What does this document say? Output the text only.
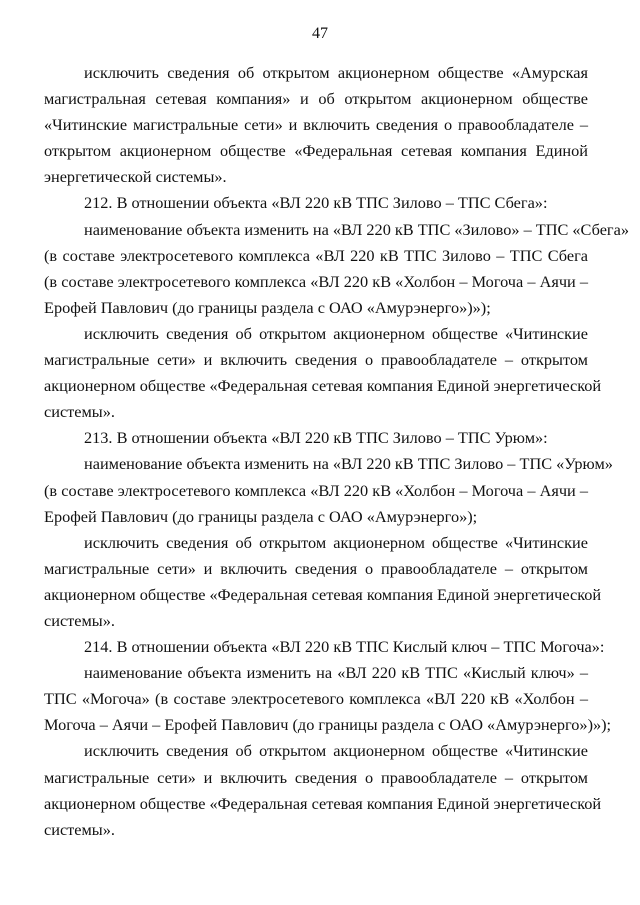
47

исключить сведения об открытом акционерном обществе «Амурская
магистральная сетевая компания» и об открытом акционерном обществе
«Читинские магистральные сети» и включить сведения о правообладателе –
открытом акционерном обществе «Федеральная сетевая компания Единой
энергетической системы».

212. В отношении объекта «ВЛ 220 кВ ТПС Зилово – ТПС Сбега»:

наименование объекта изменить на «ВЛ 220 кВ ТПС «Зилово» – ТПС «Сбега»
(в составе электросетевого комплекса «ВЛ 220 кВ ТПС Зилово – ТПС Сбега
(в составе электросетевого комплекса «ВЛ 220 кВ «Холбон – Могоча – Аячи –
Ерофей Павлович (до границы раздела с ОАО «Амурэнерго»)»);

исключить сведения об открытом акционерном обществе «Читинские
магистральные сети» и включить сведения о правообладателе – открытом
акционерном обществе «Федеральная сетевая компания Единой энергетической
системы».

213. В отношении объекта «ВЛ 220 кВ ТПС Зилово – ТПС Урюм»:

наименование объекта изменить на «ВЛ 220 кВ ТПС Зилово – ТПС «Урюм»
(в составе электросетевого комплекса «ВЛ 220 кВ «Холбон – Могоча – Аячи –
Ерофей Павлович (до границы раздела с ОАО «Амурэнерго»);

исключить сведения об открытом акционерном обществе «Читинские
магистральные сети» и включить сведения о правообладателе – открытом
акционерном обществе «Федеральная сетевая компания Единой энергетической
системы».

214. В отношении объекта «ВЛ 220 кВ ТПС Кислый ключ – ТПС Могоча»:

наименование объекта изменить на «ВЛ 220 кВ ТПС «Кислый ключ» –
ТПС «Могоча» (в составе электросетевого комплекса «ВЛ 220 кВ «Холбон –
Могоча – Аячи – Ерофей Павлович (до границы раздела с ОАО «Амурэнерго»)»);

исключить сведения об открытом акционерном обществе «Читинские
магистральные сети» и включить сведения о правообладателе – открытом
акционерном обществе «Федеральная сетевая компания Единой энергетической
системы».
